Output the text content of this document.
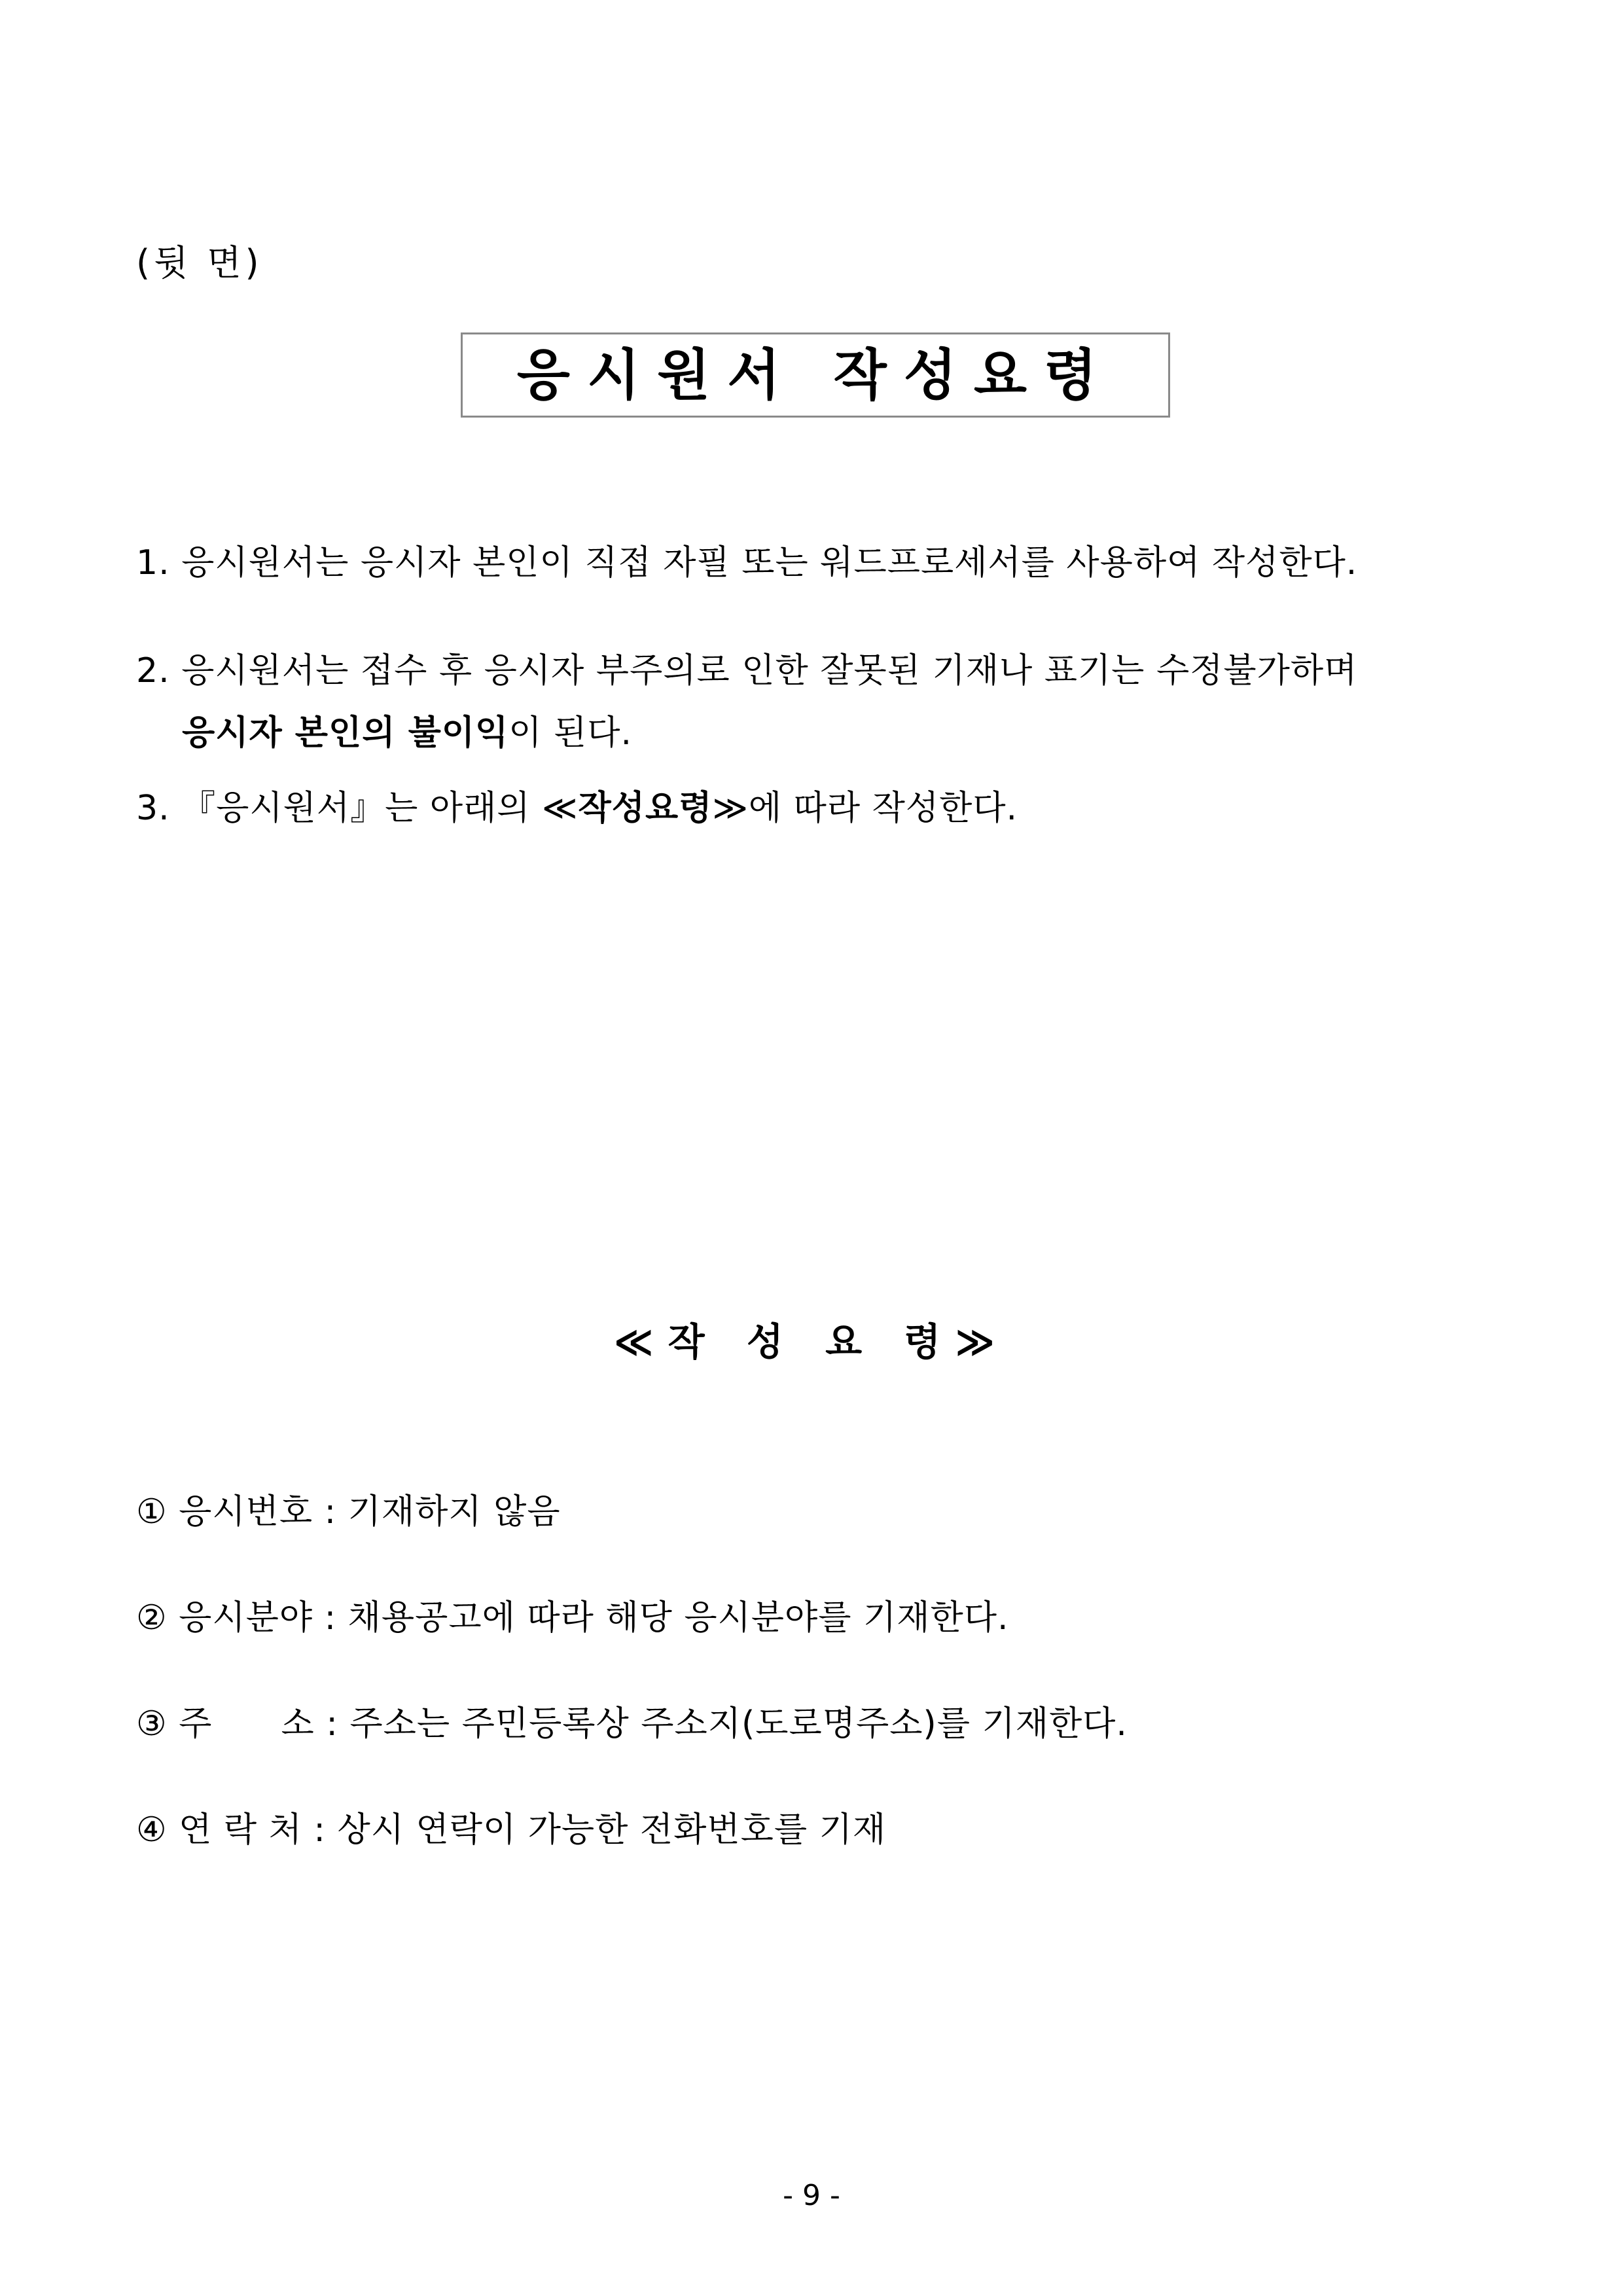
(뒷 면)
응시원서 작성요령
1. 응시원서는 응시자 본인이 직접 자필 또는 워드프로세서를 사용하여 작성한다.
2. 응시원서는 접수 후 응시자 부주의로 인한 잘못된 기재나 표기는 수정불가하며
응시자 본인의 불이익이 된다.
3. 『응시원서』는 아래의 ≪작성요령≫에 따라 작성한다.
≪작 성 요 령≫
① 응시번호 : 기재하지 않음
② 응시분야 : 채용공고에 따라 해당 응시분야를 기재한다.
③ 주      소 : 주소는 주민등록상 주소지(도로명주소)를 기재한다.
④ 연 락 처 : 상시 연락이 가능한 전화번호를 기재
- 9 -
